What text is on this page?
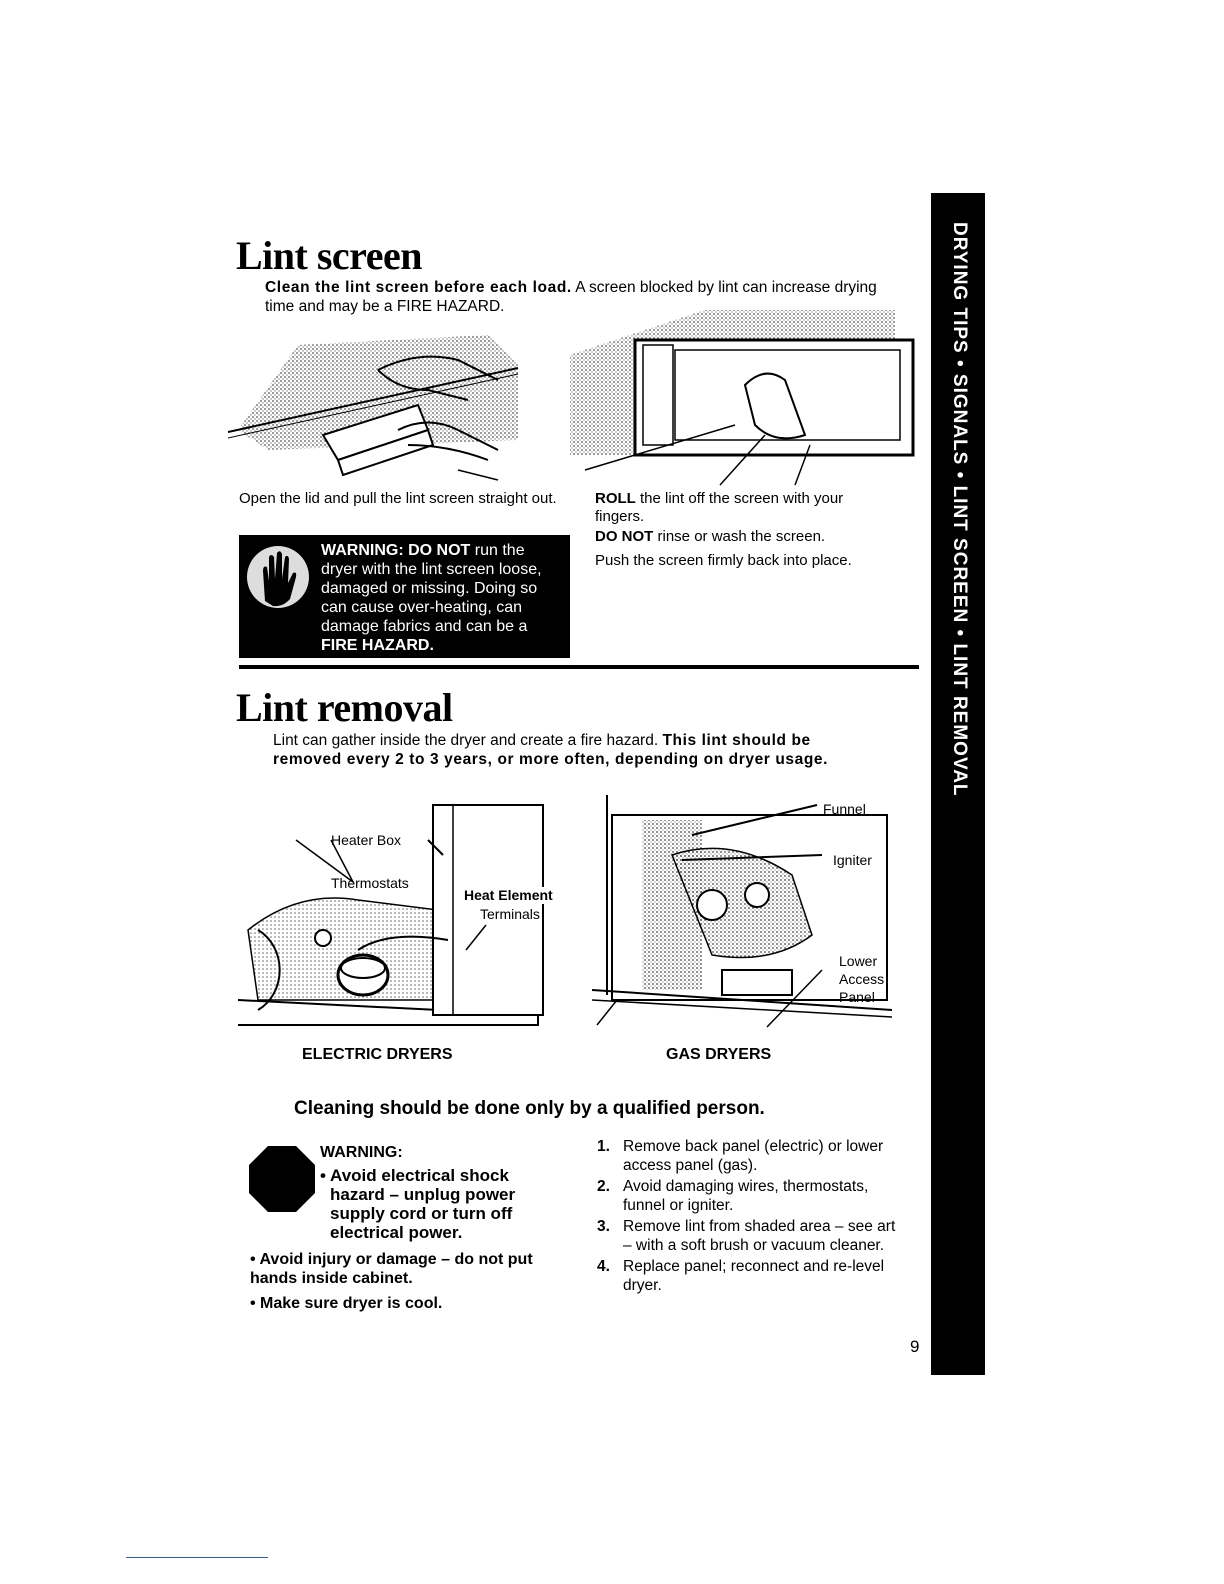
DRYING TIPS • SIGNALS • LINT SCREEN • LINT REMOVAL
Lint screen
Clean the lint screen before each load. A screen blocked by lint can increase drying time and may be a FIRE HAZARD.
Open the lid and pull the lint screen straight out.	ROLL the lint off the screen with your fingers.
DO NOT rinse or wash the screen.
Push the screen firmly back into place.
WARNING: DO NOT run the dryer with the lint screen loose, damaged or missing. Doing so can cause over-heating, can damage fabrics and can be a FIRE HAZARD.
Lint removal
Lint can gather inside the dryer and create a fire hazard. This lint should be removed every 2 to 3 years, or more often, depending on dryer usage.
Heater Box
Thermostats
Heat Element
Terminals
Funnel
Igniter
Lower
Access
Panel
ELECTRIC DRYERS	GAS DRYERS
Cleaning should be done only by a qualified person.
WARNING:
• Avoid electrical shock hazard – unplug power supply cord or turn off electrical power.
• Avoid injury or damage – do not put hands inside cabinet.
• Make sure dryer is cool.
1. Remove back panel (electric) or lower access panel (gas).
2. Avoid damaging wires, thermostats, funnel or igniter.
3. Remove lint from shaded area – see art – with a soft brush or vacuum cleaner.
4. Replace panel; reconnect and re-level dryer.
9
